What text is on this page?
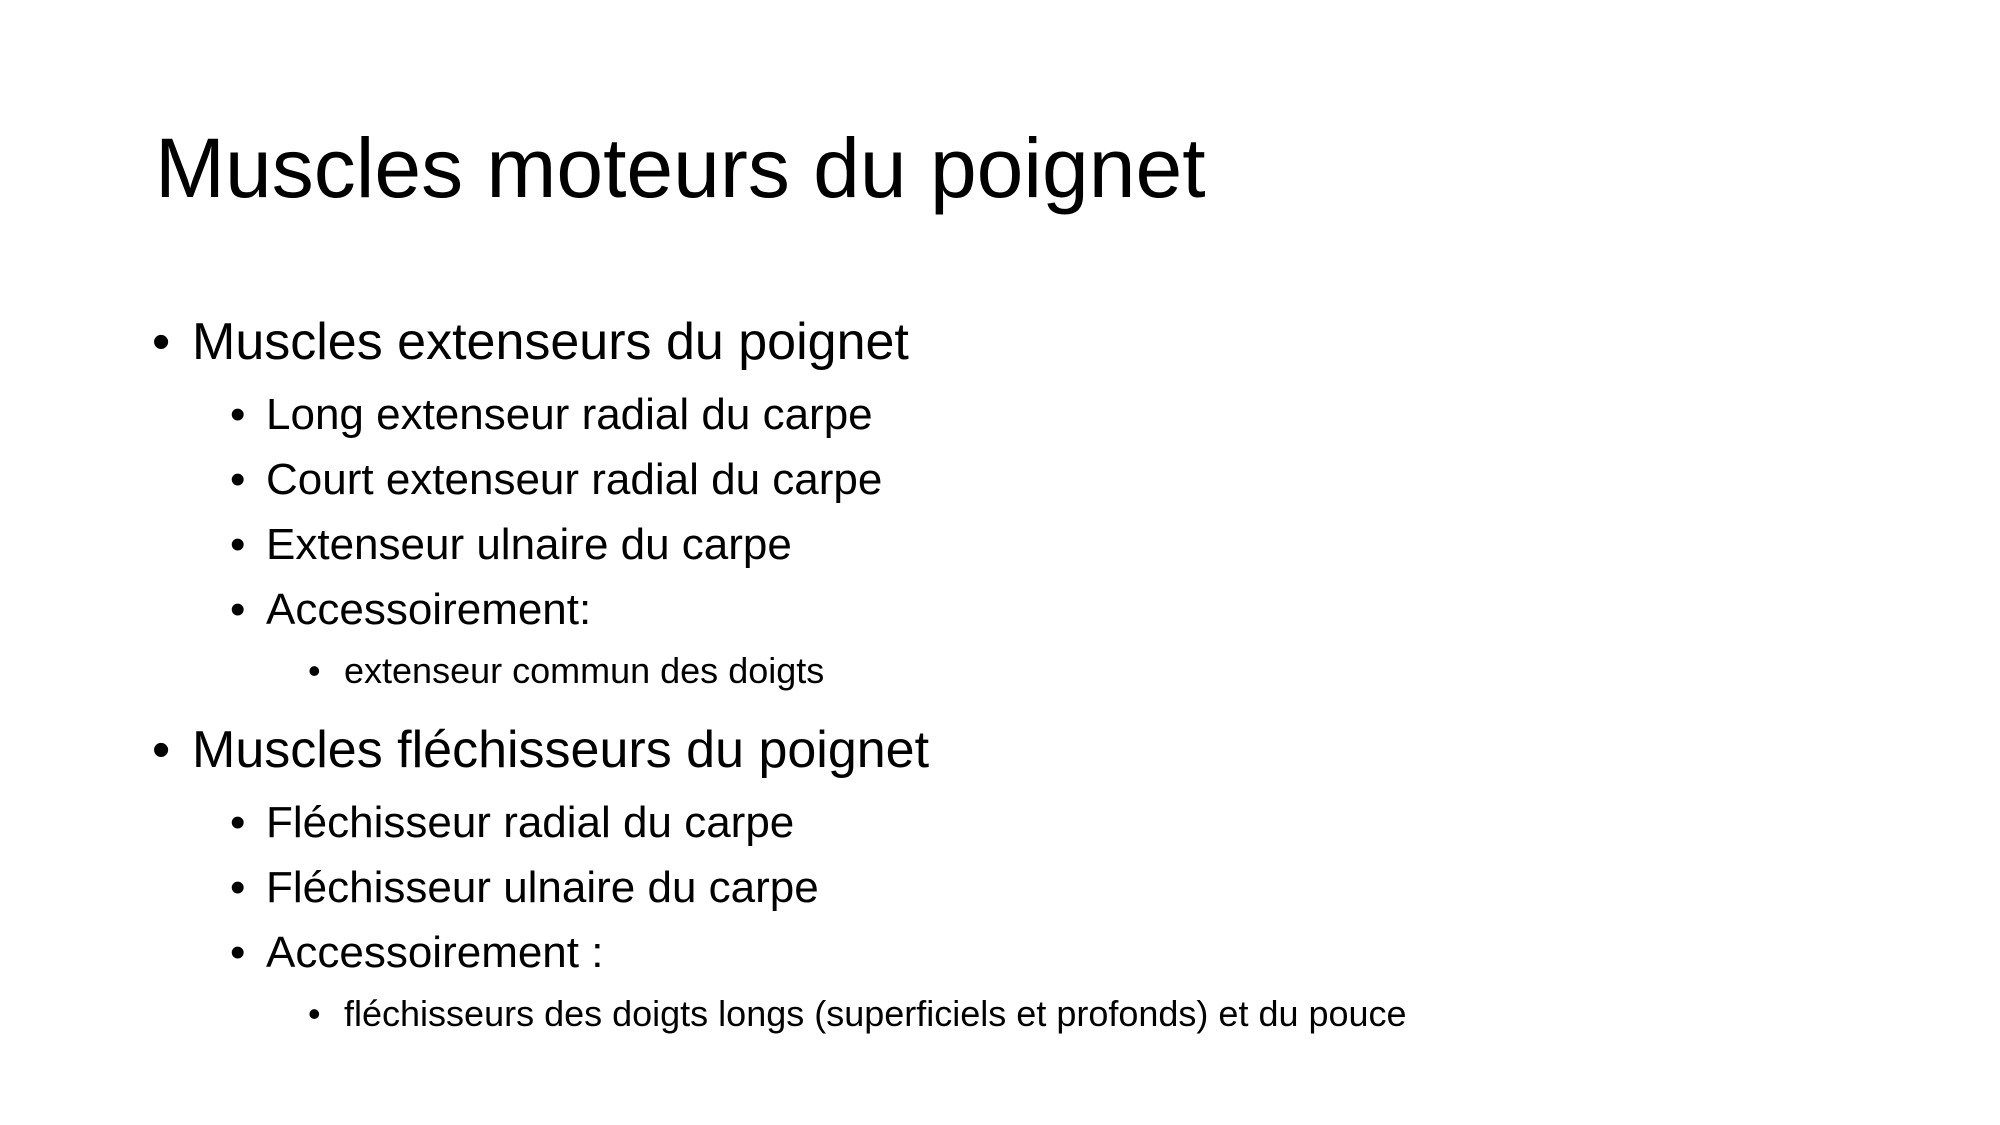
Muscles moteurs du poignet
• Muscles extenseurs du poignet
• Long extenseur radial du carpe
• Court extenseur radial du carpe
• Extenseur ulnaire du carpe
• Accessoirement:
• extenseur commun des doigts
• Muscles fléchisseurs du poignet
• Fléchisseur radial du carpe
• Fléchisseur ulnaire du carpe
• Accessoirement :
• fléchisseurs des doigts longs (superficiels et profonds) et du pouce
